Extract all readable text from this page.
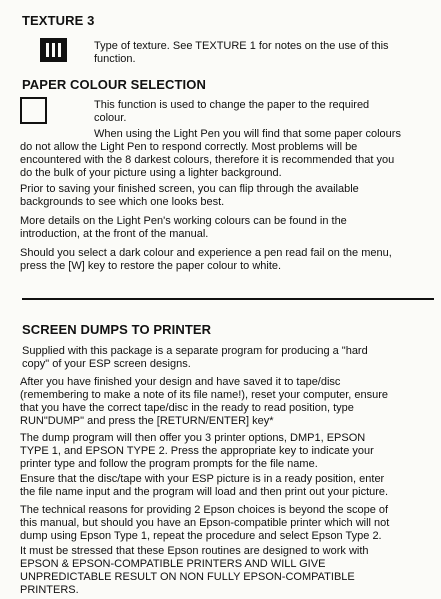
TEXTURE 3

Type of texture. See TEXTURE 1 for notes on the use of this
function.

PAPER COLOUR SELECTION

This function is used to change the paper to the required
colour.

When using the Light Pen you will find that some paper colours
do not allow the Light Pen to respond correctly. Most problems will be
encountered with the 8 darkest colours, therefore it is recommended that you
do the bulk of your picture using a lighter background.

Prior to saving your finished screen, you can flip through the available
backgrounds to see which one looks best.

More details on the Light Pen's working colours can be found in the
introduction, at the front of the manual.

Should you select a dark colour and experience a pen read fail on the menu,
press the [W] key to restore the paper colour to white.

SCREEN DUMPS TO PRINTER

Supplied with this package is a separate program for producing a "hard
copy" of your ESP screen designs.

After you have finished your design and have saved it to tape/disc
(remembering to make a note of its file name!), reset your computer, ensure
that you have the correct tape/disc in the ready to read position, type
RUN"DUMP" and press the [RETURN/ENTER] key*

The dump program will then offer you 3 printer options, DMP1, EPSON
TYPE 1, and EPSON TYPE 2. Press the appropriate key to indicate your
printer type and follow the program prompts for the file name.

Ensure that the disc/tape with your ESP picture is in a ready position, enter
the file name input and the program will load and then print out your picture.

The technical reasons for providing 2 Epson choices is beyond the scope of
this manual, but should you have an Epson-compatible printer which will not
dump using Epson Type 1, repeat the procedure and select Epson Type 2.

It must be stressed that these Epson routines are designed to work with
EPSON & EPSON-COMPATIBLE PRINTERS AND WILL GIVE
UNPREDICTABLE RESULT ON NON FULLY EPSON-COMPATIBLE
PRINTERS.
